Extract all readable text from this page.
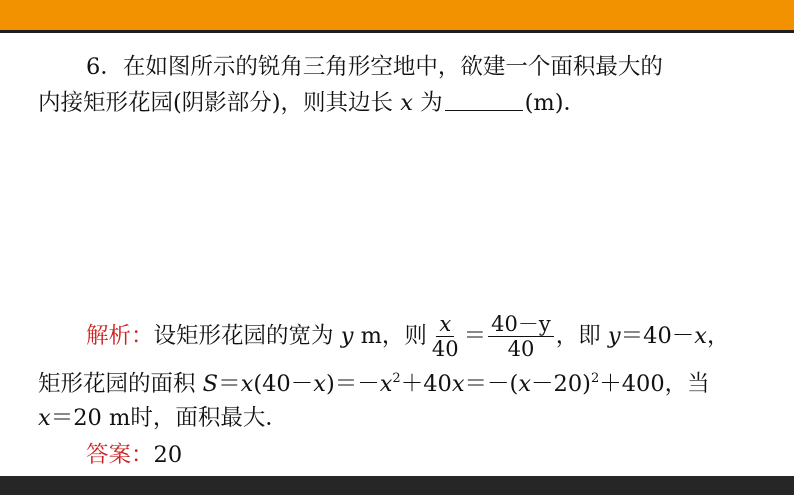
6．在如图所示的锐角三角形空地中，欲建一个面积最大的
内接矩形花园(阴影部分)，则其边长 x 为	(m)．
解析： 设矩形花园的宽为
y
m，则 $\frac{x}{40} = \frac{40-y}{40}$ ，即
y ＝40－ x ，
矩形花园的面积 $S=x(40-x)=-x^2+40x=-(x-20)^2+400$，当
x＝20 m时，面积最大．
答案：20
